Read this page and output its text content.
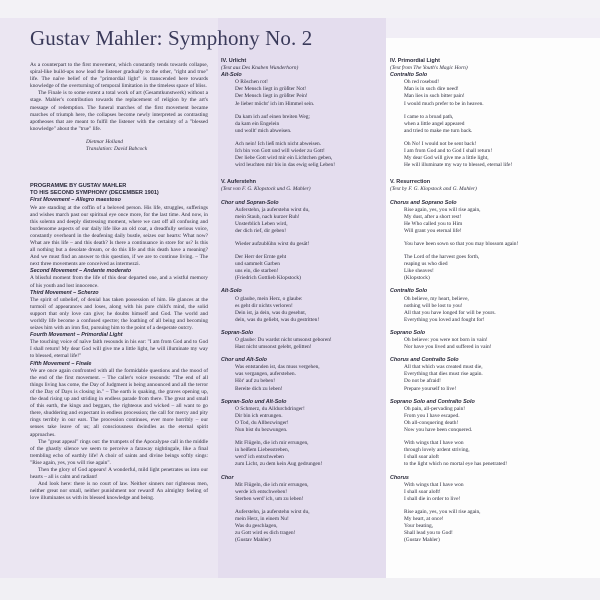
Gustav Mahler: Symphony No. 2

As a counterpart to the first movement, which constantly tends towards collapse, spiral-like build-ups now lead the listener gradually to the other, "right and true" life. The naïve belief of the "primordial light" is transcended here towards knowledge of the overturning of temporal limitation in the timeless space of bliss.

The Finale is to some extent a total work of art (Gesamtkunstwerk) without a stage. Mahler's contribution towards the replacement of religion by the art's message of redemption. The funeral marches of the first movement became marches of triumph here, the collapses become newly interpreted as contrasting apotheoses that are meant to fulfil the listener with the certainty of a "blessed knowledge" about the "true" life.

Dietmar Holland
Translation: David Babcock
PROGRAMME BY GUSTAV MAHLER
TO HIS SECOND SYMPHONY (DECEMBER 1901)
First Movement – Allegro maestoso

We are standing at the coffin of a beloved person. His life, struggles, sufferings and wishes march past our spiritual eye once more, for the last time. And now, in this solemn and deeply distressing moment, where we cast off all confusing and burdensome aspects of our daily life like an old coat, a dreadfully serious voice, constantly overheard in the deafening daily bustle, seizes our hearts: What now? What are this life – and this death? Is there a continuance in store for us? Is this all nothing but a desolate dream, or do this life and this death have a meaning? And we must find an answer to this question, if we are to continue living. – The next three movements are conceived as intermezzi.

Second Movement – Andante moderato

A blissful moment from the life of this dear departed one, and a wistful memory of his youth and lost innocence.

Third Movement – Scherzo

The spirit of unbelief, of denial has taken possession of him. He glances at the turmoil of appearances and loses, along with his pure child's mind, the solid support that only love can give; he doubts himself and God. The world and worldly life become a confused spectre; the loathing of all being and becoming seizes him with an iron fist, pursuing him to the point of a desperate outcry.

Fourth Movement – Primordial Light

The touching voice of naïve faith resounds in his ear: "I am from God and to God I shall return! My dear God will give me a little light, he will illuminate my way to blessed, eternal life!"

Fifth Movement – Finale

We are once again confronted with all the formidable questions and the mood of the end of the first movement. – The caller's voice resounds: "The end of all things living has come, the Day of Judgment is being announced and all the terror of the Day of Days is closing in." – The earth is quaking, the graves opening up, the dead rising up and striding in endless parade from there. The great and small of this earth, the kings and beggars, the righteous and wicked – all want to go there, shuddering and expectant in endless procession; the call for mercy and pity rings terribly in our ears. The procession continues, ever more horribly – our senses take leave of us; all consciousness dwindles as the eternal spirit approaches.

The "great appeal" rings out: the trumpets of the Apocalypse call in the middle of the ghastly silence we seem to perceive a faraway nightingale, like a final trembling echo of earthly life! A choir of saints and divine beings softly sings: "Rise again, yes, you will rise again".

Then the glory of God appears! A wonderful, mild light penetrates us into our hearts – all is calm and radiant!

And look here: there is no court of law. Neither sinners nor righteous men, neither great nor small, neither punishment nor reward! An almighty feeling of love illuminates us with its blessed knowledge and being.

IV. Urlicht
(Text aus Des Knaben Wunderhorn)
Alt-Solo
O Röschen rot!
Der Mensch liegt in größter Not!
Der Mensch liegt in größter Pein!
Je lieber möcht' ich im Himmel sein.
Da kam ich auf einen breiten Weg;
da kam ein Engelein
und wollt' mich abweisen.
Ach nein! Ich ließ mich nicht abweisen.
Ich bin von Gott und will wieder zu Gott!
Der liebe Gott wird mir ein Lichtchen geben,
wird leuchten mir bis in das ewig selig Leben!
V. Auferstehn
(Text von F. G. Klopstock und G. Mahler)
Chor und Sopran-Solo
Auferstehn, ja auferstehn wirst du,
mein Staub, nach kurzer Ruh!
Unsterblich Leben wird,
der dich rief, dir geben!
Wieder aufzublühn wirst du gesät!
Der Herr der Ernte geht
und sammelt Garben
uns ein, die starben!
(Friedrich Gottlieb Klopstock)
Alt-Solo
O glaube, mein Herz, o glaube:
es geht dir nichts verloren!
Dein ist, ja dein, was du gesehnt,
dein, was du geliebt, was du gestritten!
Sopran-Solo
O glaube: Du wardst nicht umsonst geboren!
Hast nicht umsonst gelebt, gelitten!
Chor und Alt-Solo
Was entstanden ist, das muss vergehen,
was vergangen, auferstehen.
Hör' auf zu beben!
Bereite dich zu leben!
Sopran-Solo und Alt-Solo
O Schmerz, du Alldurchdringer!
Dir bin ich entrungen.
O Tod, du Allbezwinger!
Nun bist du bezwungen.
Mit Flügeln, die ich mir errungen,
in heißem Liebesstreben,
werd' ich entschweben
zum Licht, zu dem kein Aug gedrungen!
Chor
Mit Flügeln, die ich mir errungen,
werde ich entschweben!
Sterben werd' ich, um zu leben!
Auferstehn, ja auferstehn wirst du,
mein Herz, in einem Nu!
Was du geschlagen,
zu Gott wird es dich tragen!
(Gustav Mahler)
IV. Primordial Light
(Text from The Youth's Magic Horn)
Contralto Solo
Oh red rosebud!
Man is in such dire need!
Man lies in such bitter pain!
I would much prefer to be in heaven.
I came to a broad path,
when a little angel appeared
and tried to make me turn back.
Oh No! I would not be sent back!
I am from God and to God I shall return!
My dear God will give me a little light,
He will illuminate my way to blessed, eternal life!
V. Resurrection
(Text by F. G. Klopstock and G. Mahler)
Chorus and Soprano Solo
Rise again, yes, you will rise again,
My dust, after a short rest!
He Who called you to Him
Will grant you eternal life!
You have been sown so that you may blossom again!
The Lord of the harvest goes forth,
reaping us who died
Like sheaves!
(Klopstock)
Contralto Solo
Oh believe, my heart, believe,
nothing will be lost to you!
All that you have longed for will be yours.
Everything you loved and fought for!
Soprano Solo
Oh believe: you were not born in vain!
Nor have you lived and suffered in vain!
Chorus and Contralto Solo
All that which was created must die,
Everything that dies must rise again.
Do not be afraid!
Prepare yourself to live!
Soprano Solo and Contralto Solo
Oh pain, all-pervading pain!
From you I have escaped.
Oh all-conquering death!
Now you have been conquered.
With wings that I have won
through lovely ardent striving,
I shall soar aloft
to the light which no mortal eye has penetrated!
Chorus
With wings that I have won
I shall soar aloft!
I shall die in order to live!
Rise again, yes, you will rise again,
My heart, at once!
Your beating,
Shall lead you to God!
(Gustav Mahler)
